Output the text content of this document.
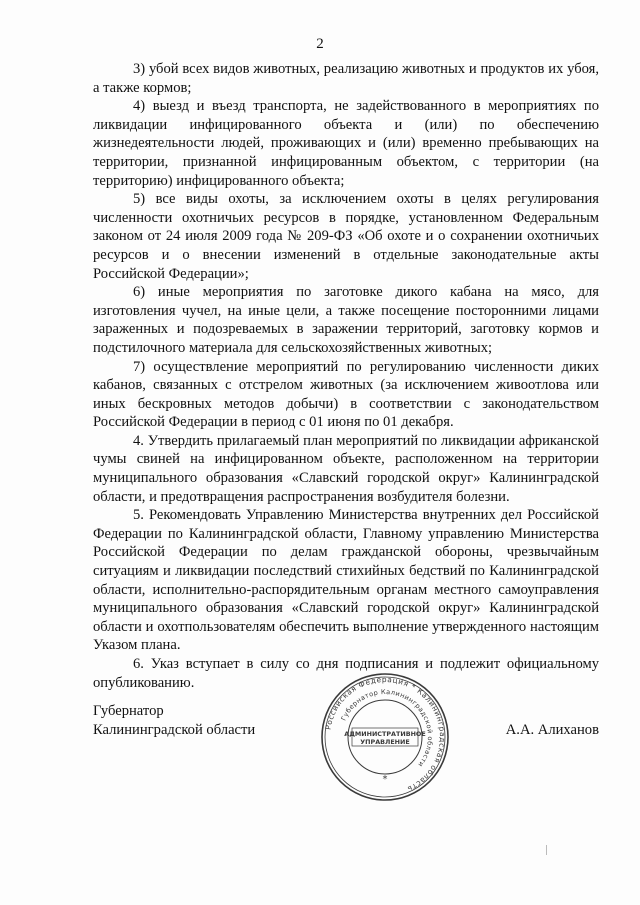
2

3) убой всех видов животных, реализацию животных и продуктов их убоя, а также кормов;

4) выезд и въезд транспорта, не задействованного в мероприятиях по ликвидации инфицированного объекта и (или) по обеспечению жизнедеятельности людей, проживающих и (или) временно пребывающих на территории, признанной инфицированным объектом, с территории (на территорию) инфицированного объекта;

5) все виды охоты, за исключением охоты в целях регулирования численности охотничьих ресурсов в порядке, установленном Федеральным законом от 24 июля 2009 года № 209-ФЗ «Об охоте и о сохранении охотничьих ресурсов и о внесении изменений в отдельные законодательные акты Российской Федерации»;

6) иные мероприятия по заготовке дикого кабана на мясо, для изготовления чучел, на иные цели, а также посещение посторонними лицами зараженных и подозреваемых в заражении территорий, заготовку кормов и подстилочного материала для сельскохозяйственных животных;

7) осуществление мероприятий по регулированию численности диких кабанов, связанных с отстрелом животных (за исключением живоотлова или иных бескровных методов добычи) в соответствии с законодательством Российской Федерации в период с 01 июня по 01 декабря.

4. Утвердить прилагаемый план мероприятий по ликвидации африканской чумы свиней на инфицированном объекте, расположенном на территории муниципального образования «Славский городской округ» Калининградской области, и предотвращения распространения возбудителя болезни.

5. Рекомендовать Управлению Министерства внутренних дел Российской Федерации по Калининградской области, Главному управлению Министерства Российской Федерации по делам гражданской обороны, чрезвычайным ситуациям и ликвидации последствий стихийных бедствий по Калининградской области, исполнительно-распорядительным органам местного самоуправления муниципального образования «Славский городской округ» Калининградской области и охотпользователям обеспечить выполнение утвержденного настоящим Указом плана.

6. Указ вступает в силу со дня подписания и подлежит официальному опубликованию.

Губернатор
Калининградской области	А.А. Алиханов
Российская Федерация * Калининградская область
Губернатор Калининградской области
АДМИНИСТРАТИВНОЕ
УПРАВЛЕНИЕ
*
